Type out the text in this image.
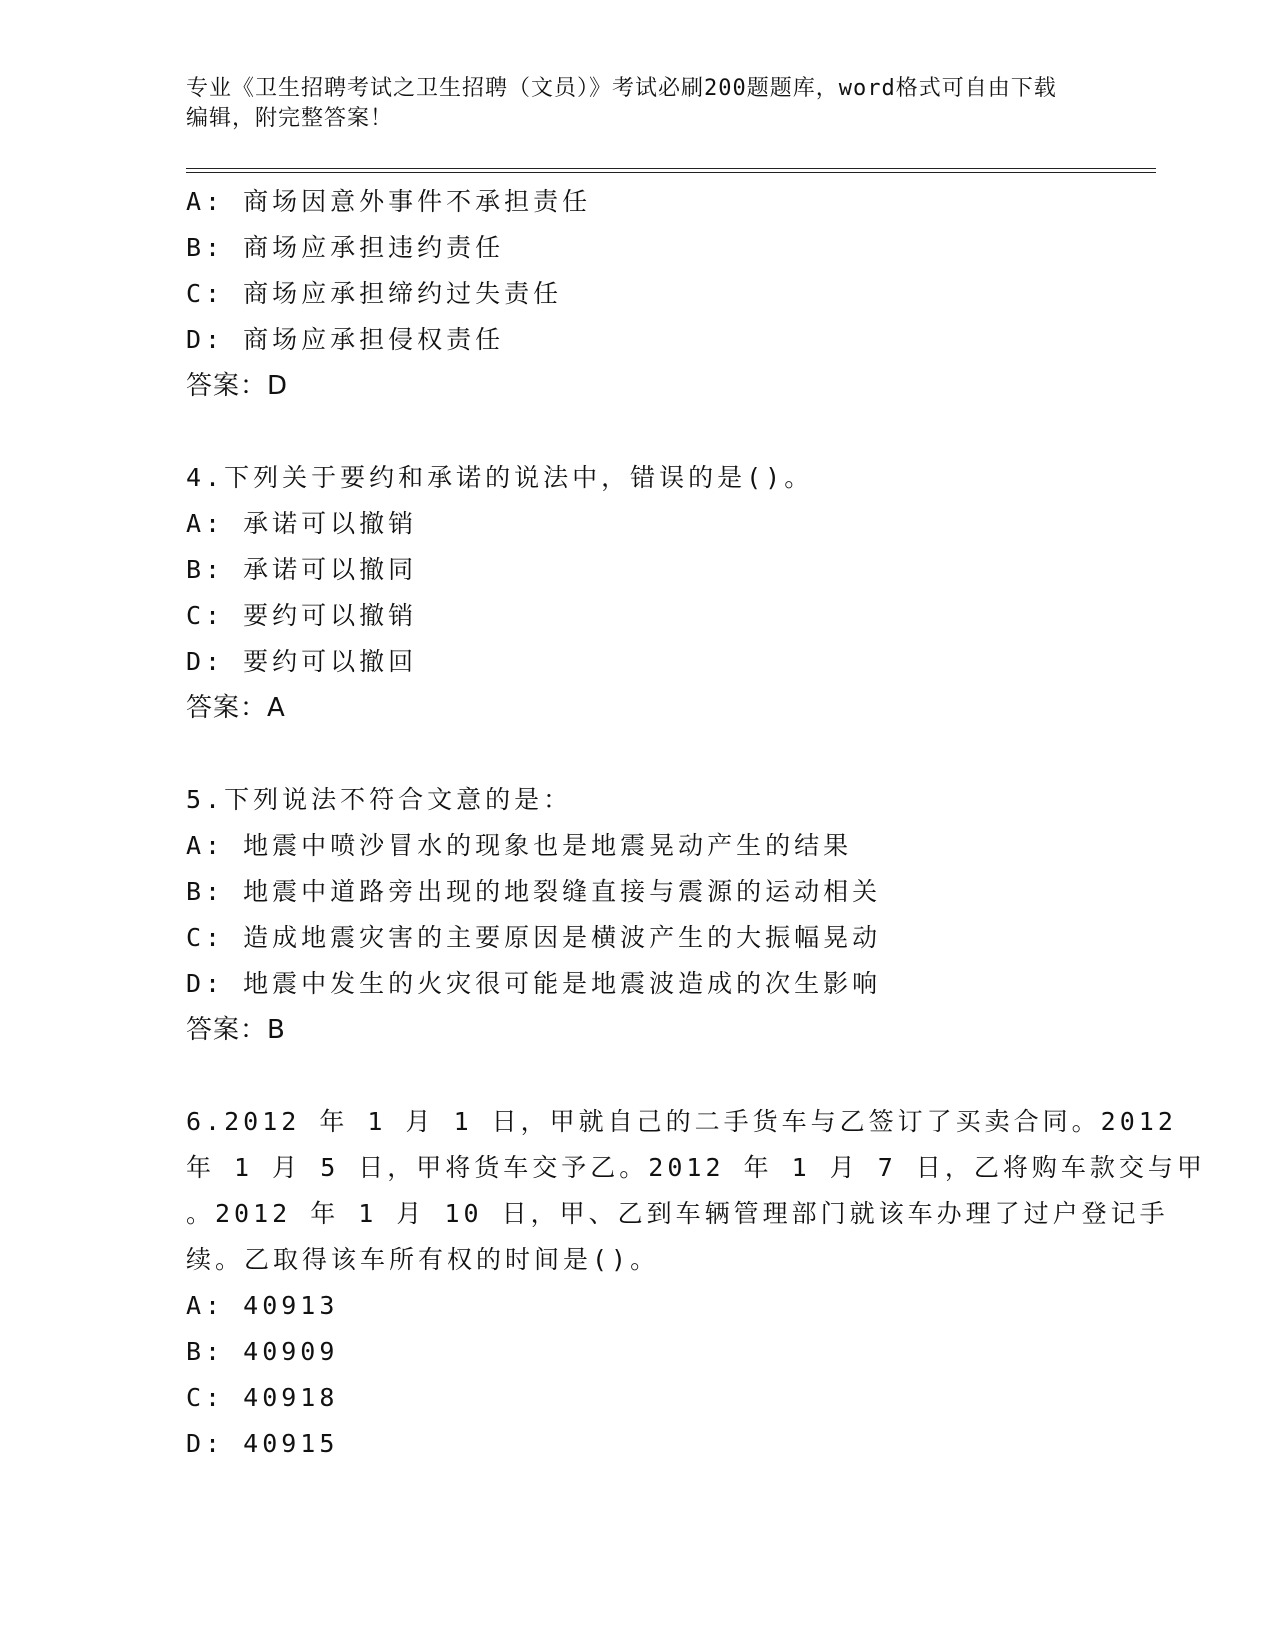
专业《卫生招聘考试之卫生招聘（文员）》考试必刷200题题库，word格式可自由下载编辑，附完整答案！

A: 商场因意外事件不承担责任
B: 商场应承担违约责任
C: 商场应承担缔约过失责任
D: 商场应承担侵权责任
答案：D
4.下列关于要约和承诺的说法中，错误的是()。
A: 承诺可以撤销
B: 承诺可以撤同
C: 要约可以撤销
D: 要约可以撤回
答案：A
5.下列说法不符合文意的是：
A: 地震中喷沙冒水的现象也是地震晃动产生的结果
B: 地震中道路旁出现的地裂缝直接与震源的运动相关
C: 造成地震灾害的主要原因是横波产生的大振幅晃动
D: 地震中发生的火灾很可能是地震波造成的次生影响
答案：B
6.2012 年 1 月 1 日，甲就自己的二手货车与乙签订了买卖合同。2012
年 1 月 5 日，甲将货车交予乙。2012 年 1 月 7 日，乙将购车款交与甲
。2012 年 1 月 10 日，甲、乙到车辆管理部门就该车办理了过户登记手
续。乙取得该车所有权的时间是()。
A: 40913
B: 40909
C: 40918
D: 40915
